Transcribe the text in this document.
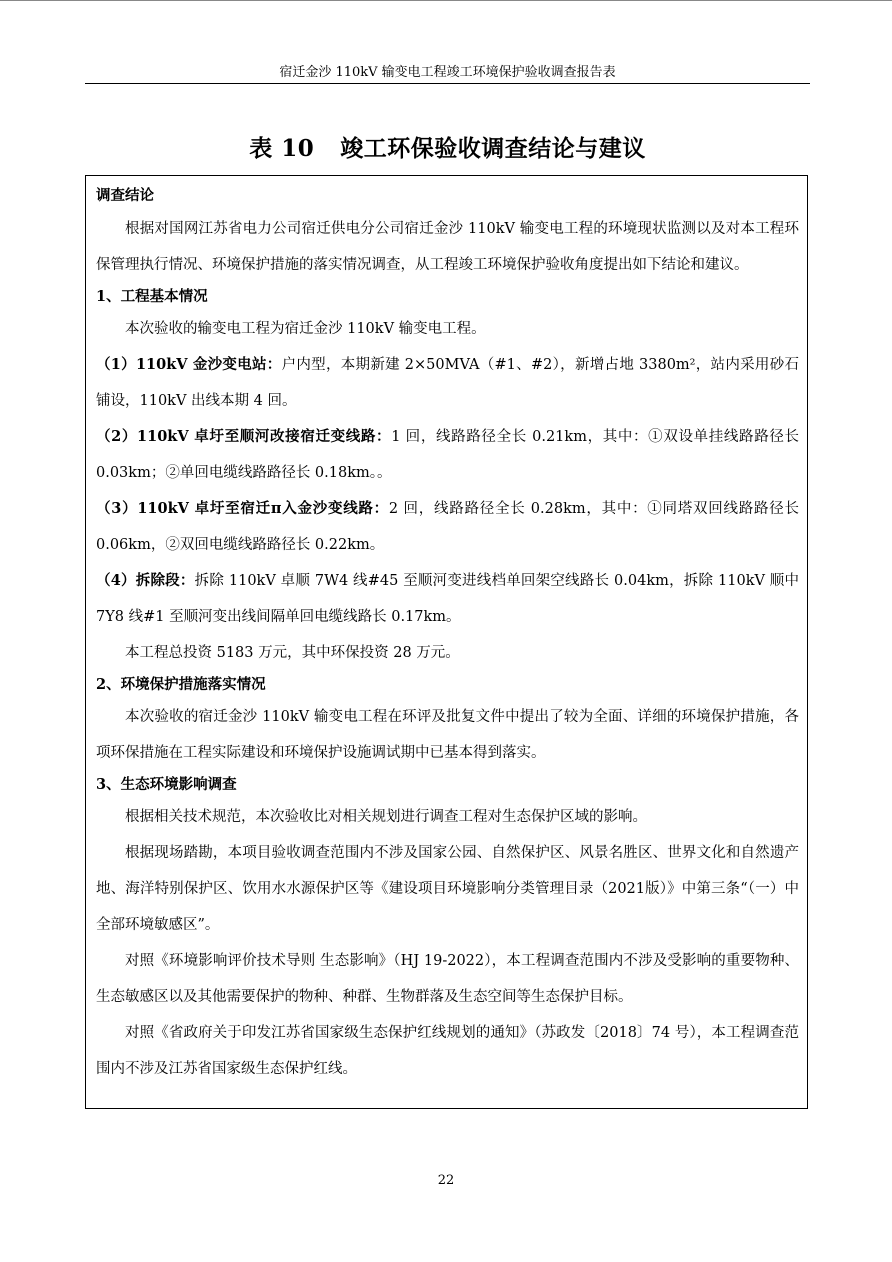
宿迁金沙 110kV 输变电工程竣工环境保护验收调查报告表
表 10 竣工环保验收调查结论与建议

调查结论

根据对国网江苏省电力公司宿迁供电分公司宿迁金沙 110kV 输变电工程的环境现状监测以及对本工程环保管理执行情况、环境保护措施的落实情况调查，从工程竣工环境保护验收角度提出如下结论和建议。

1、工程基本情况

本次验收的输变电工程为宿迁金沙 110kV 输变电工程。

（1）110kV 金沙变电站：户内型，本期新建 2×50MVA（#1、#2），新增占地 3380m²，站内采用砂石铺设，110kV 出线本期 4 回。

（2）110kV 卓圩至顺河改接宿迁变线路：1 回，线路路径全长 0.21km，其中：①双设单挂线路路径长 0.03km；②单回电缆线路路径长 0.18km。。

（3）110kV 卓圩至宿迁π入金沙变线路：2 回，线路路径全长 0.28km，其中：①同塔双回线路路径长 0.06km，②双回电缆线路路径长 0.22km。

（4）拆除段：拆除 110kV 卓顺 7W4 线#45 至顺河变进线档单回架空线路长 0.04km，拆除 110kV 顺中 7Y8 线#1 至顺河变出线间隔单回电缆线路长 0.17km。

本工程总投资 5183 万元，其中环保投资 28 万元。

2、环境保护措施落实情况

本次验收的宿迁金沙 110kV 输变电工程在环评及批复文件中提出了较为全面、详细的环境保护措施，各项环保措施在工程实际建设和环境保护设施调试期中已基本得到落实。

3、生态环境影响调查

根据相关技术规范，本次验收比对相关规划进行调查工程对生态保护区域的影响。

根据现场踏勘，本项目验收调查范围内不涉及国家公园、自然保护区、风景名胜区、世界文化和自然遗产地、海洋特别保护区、饮用水水源保护区等《建设项目环境影响分类管理目录（2021版）》中第三条“（一）中全部环境敏感区”。

对照《环境影响评价技术导则 生态影响》（HJ 19-2022），本工程调查范围内不涉及受影响的重要物种、生态敏感区以及其他需要保护的物种、种群、生物群落及生态空间等生态保护目标。

对照《省政府关于印发江苏省国家级生态保护红线规划的通知》（苏政发〔2018〕74 号），本工程调查范围内不涉及江苏省国家级生态保护红线。

22
